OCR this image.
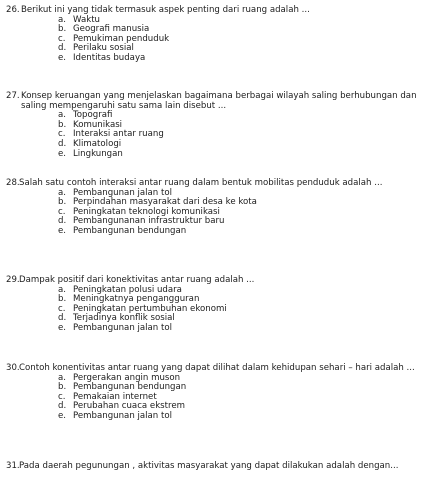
26. Berikut ini yang tidak termasuk aspek penting dari ruang adalah ...
a. Waktu
b. Geografi manusia
c. Pemukiman penduduk
d. Perilaku sosial
e. Identitas budaya
27. Konsep keruangan yang menjelaskan bagaimana berbagai wilayah saling berhubungan dan saling mempengaruhi satu sama lain disebut ...
a. Topografi
b. Komunikasi
c. Interaksi antar ruang
d. Klimatologi
e. Lingkungan
28. Salah satu contoh interaksi antar ruang dalam bentuk mobilitas penduduk adalah ...
a. Pembangunan jalan tol
b. Perpindahan masyarakat dari desa ke kota
c. Peningkatan teknologi komunikasi
d. Pembangunanan infrastruktur baru
e. Pembangunan bendungan
29. Dampak positif dari konektivitas antar ruang adalah ...
a. Peningkatan polusi udara
b. Meningkatnya pengangguran
c. Peningkatan pertumbuhan ekonomi
d. Terjadinya konflik sosial
e. Pembangunan jalan tol
30. Contoh konentivitas antar ruang yang dapat dilihat dalam kehidupan sehari – hari adalah ...
a. Pergerakan angin muson
b. Pembangunan bendungan
c. Pemakaian internet
d. Perubahan cuaca ekstrem
e. Pembangunan jalan tol
31. Pada daerah pegunungan , aktivitas masyarakat yang dapat dilakukan adalah dengan...
